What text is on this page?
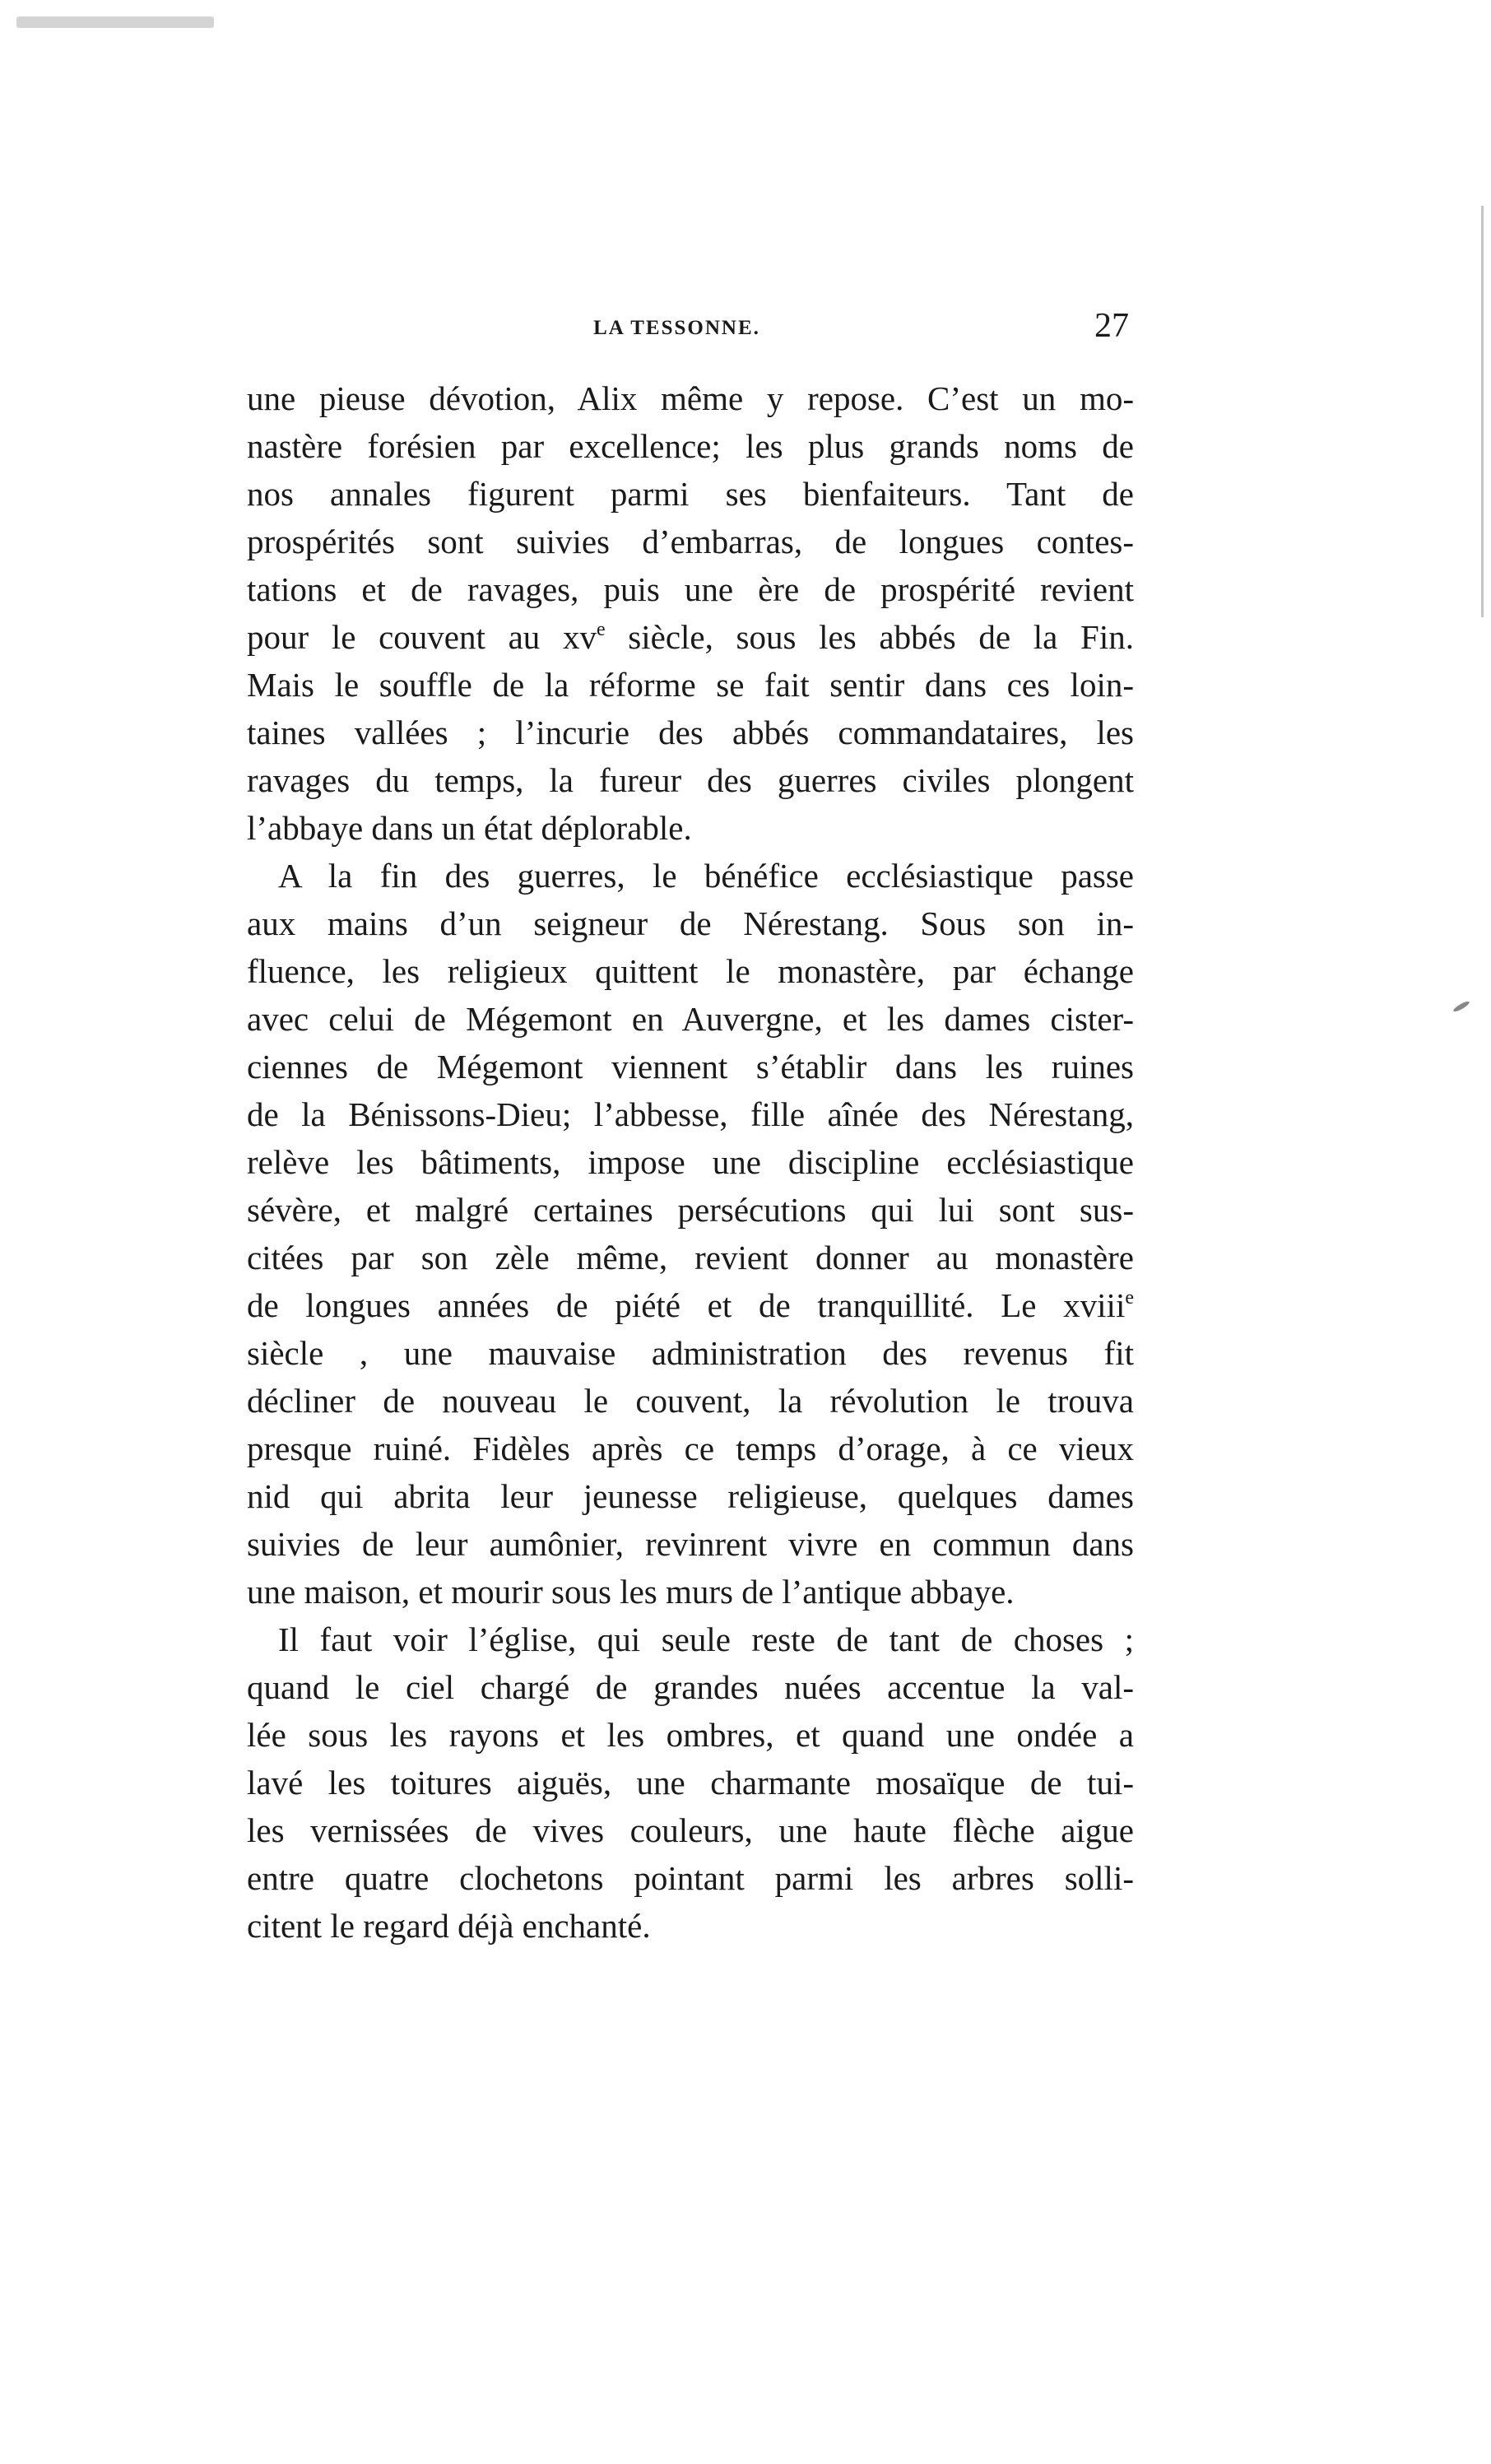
LA TESSONNE.	27
une pieuse dévotion, Alix même y repose. C’est un mo-
nastère forésien par excellence; les plus grands noms de
nos annales figurent parmi ses bienfaiteurs. Tant de
prospérités sont suivies d’embarras, de longues contes-
tations et de ravages, puis une ère de prospérité revient
pour le couvent au $xv^e$ siècle, sous les abbés de la Fin.
Mais le souffle de la réforme se fait sentir dans ces loin-
taines vallées ; l’incurie des abbés commandataires, les
ravages du temps, la fureur des guerres civiles plongent
l’abbaye dans un état déplorable.
A la fin des guerres, le bénéfice ecclésiastique passe
aux mains d’un seigneur de Nérestang. Sous son in-
fluence, les religieux quittent le monastère, par échange
avec celui de Mégemont en Auvergne, et les dames cister-
ciennes de Mégemont viennent s’établir dans les ruines
de la Bénissons-Dieu; l’abbesse, fille aînée des Nérestang,
relève les bâtiments, impose une discipline ecclésiastique
sévère, et malgré certaines persécutions qui lui sont sus-
citées par son zèle même, revient donner au monastère
de longues années de piété et de tranquillité. Le xviii$^e$
siècle , une mauvaise administration des revenus fit
décliner de nouveau le couvent, la révolution le trouva
presque ruiné. Fidèles après ce temps d’orage, à ce vieux
nid qui abrita leur jeunesse religieuse, quelques dames
suivies de leur aumônier, revinrent vivre en commun dans
une maison, et mourir sous les murs de l’antique abbaye.
Il faut voir l’église, qui seule reste de tant de choses ;
quand le ciel chargé de grandes nuées accentue la val-
lée sous les rayons et les ombres, et quand une ondée a
lavé les toitures aiguës, une charmante mosaïque de tui-
les vernissées de vives couleurs, une haute flèche aigue
entre quatre clochetons pointant parmi les arbres solli-
citent le regard déjà enchanté.
